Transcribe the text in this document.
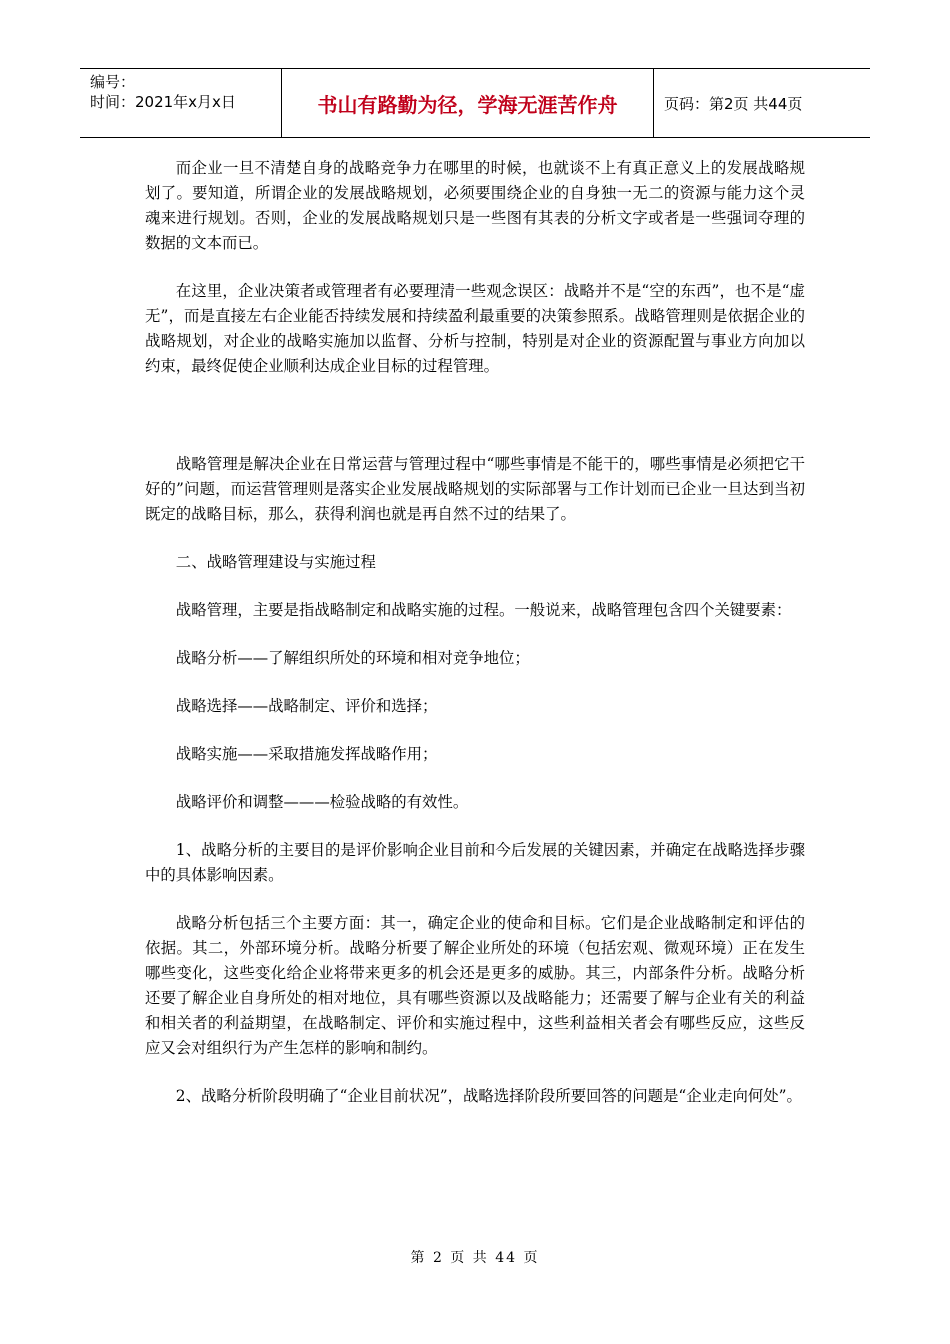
编号：
时间：2021年x月x日	书山有路勤为径，学海无涯苦作舟	页码：第2页 共44页

而企业一旦不清楚自身的战略竞争力在哪里的时候，也就谈不上有真正意义上的发展战略规划了。要知道，所谓企业的发展战略规划，必须要围绕企业的自身独一无二的资源与能力这个灵魂来进行规划。否则，企业的发展战略规划只是一些图有其表的分析文字或者是一些强词夺理的数据的文本而已。

在这里，企业决策者或管理者有必要理清一些观念误区：战略并不是“空的东西”，也不是“虚无”，而是直接左右企业能否持续发展和持续盈利最重要的决策参照系。战略管理则是依据企业的战略规划，对企业的战略实施加以监督、分析与控制，特别是对企业的资源配置与事业方向加以约束，最终促使企业顺利达成企业目标的过程管理。

战略管理是解决企业在日常运营与管理过程中“哪些事情是不能干的，哪些事情是必须把它干好的”问题，而运营管理则是落实企业发展战略规划的实际部署与工作计划而已企业一旦达到当初既定的战略目标，那么，获得利润也就是再自然不过的结果了。

二、战略管理建设与实施过程

战略管理，主要是指战略制定和战略实施的过程。一般说来，战略管理包含四个关键要素：

战略分析——了解组织所处的环境和相对竞争地位；

战略选择——战略制定、评价和选择；

战略实施——采取措施发挥战略作用；

战略评价和调整———检验战略的有效性。

1、战略分析的主要目的是评价影响企业目前和今后发展的关键因素，并确定在战略选择步骤中的具体影响因素。

战略分析包括三个主要方面：其一，确定企业的使命和目标。它们是企业战略制定和评估的依据。其二，外部环境分析。战略分析要了解企业所处的环境（包括宏观、微观环境）正在发生哪些变化，这些变化给企业将带来更多的机会还是更多的威胁。其三，内部条件分析。战略分析还要了解企业自身所处的相对地位，具有哪些资源以及战略能力；还需要了解与企业有关的利益和相关者的利益期望，在战略制定、评价和实施过程中，这些利益相关者会有哪些反应，这些反应又会对组织行为产生怎样的影响和制约。

2、战略分析阶段明确了“企业目前状况”，战略选择阶段所要回答的问题是“企业走向何处”。

第 2 页 共 44 页
